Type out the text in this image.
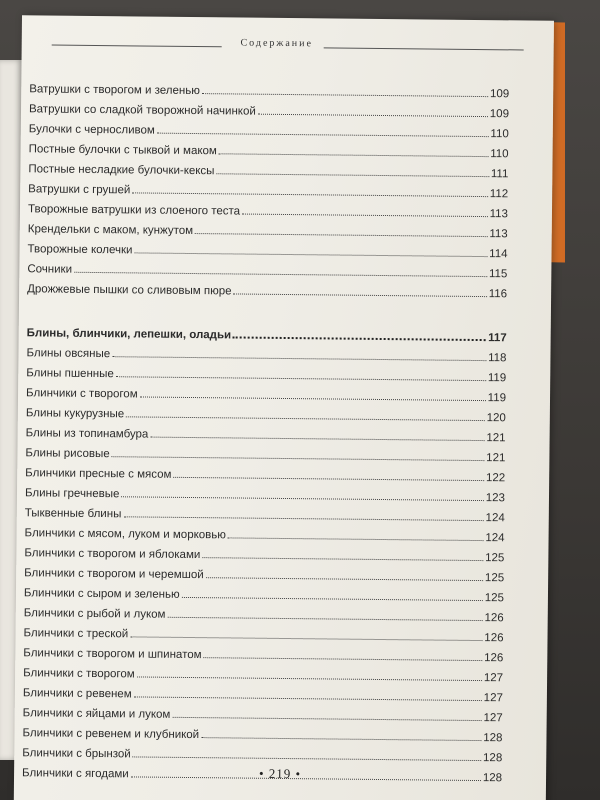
Содержание
Ватрушки с творогом и зеленью	109
Ватрушки со сладкой творожной начинкой	109
Булочки с черносливом	110
Постные булочки с тыквой и маком	110
Постные несладкие булочки-кексы	111
Ватрушки с грушей	112
Творожные ватрушки из слоеного теста	113
Крендельки с маком, кунжутом	113
Творожные колечки	114
Сочники	115
Дрожжевые пышки со сливовым пюре	116
Блины, блинчики, лепешки, оладьи	117
Блины овсяные	118
Блины пшенные	119
Блинчики с творогом	119
Блины кукурузные	120
Блины из топинамбура	121
Блины рисовые	121
Блинчики пресные с мясом	122
Блины гречневые	123
Тыквенные блины	124
Блинчики с мясом, луком и морковью	124
Блинчики с творогом и яблоками	125
Блинчики с творогом и черемшой	125
Блинчики с сыром и зеленью	125
Блинчики с рыбой и луком	126
Блинчики с треской	126
Блинчики с творогом и шпинатом	126
Блинчики с творогом	127
Блинчики с ревенем	127
Блинчики с яйцами и луком	127
Блинчики с ревенем и клубникой	128
Блинчики с брынзой	128
Блинчики с ягодами	128
• 219 •
